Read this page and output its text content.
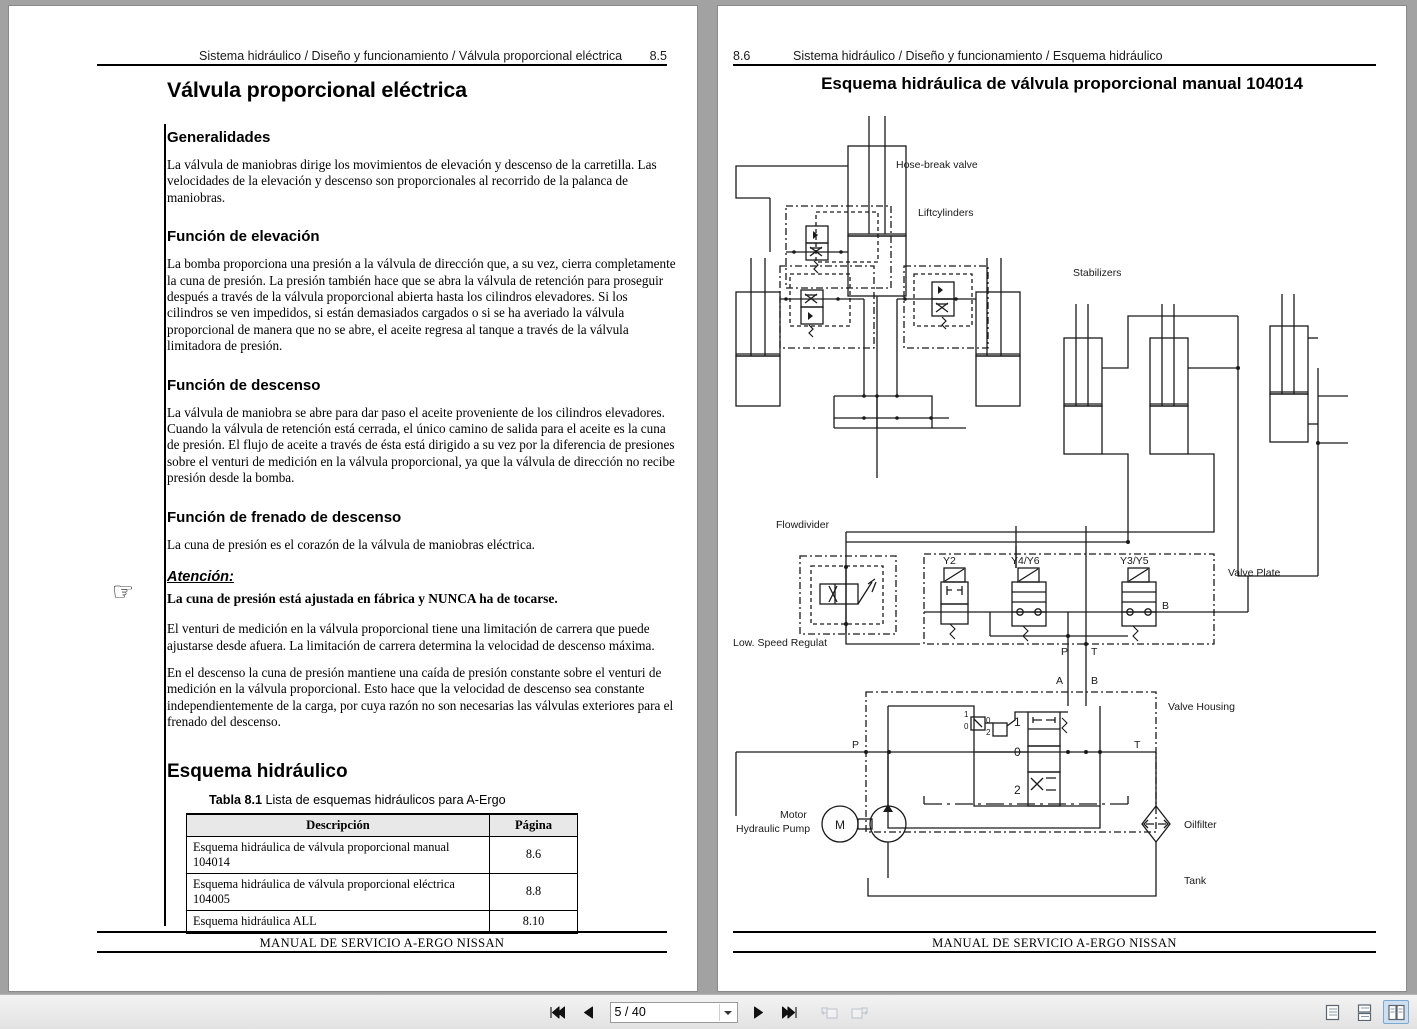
Sistema hidráulico / Diseño y funcionamiento / Válvula proporcional eléctrica 8.5
☞
Válvula proporcional eléctrica
Generalidades

La válvula de maniobras dirige los movimientos de elevación y descenso de la carretilla. Las velocidades de la elevación y descenso son proporcionales al recorrido de la palanca de maniobras.

Función de elevación

La bomba proporciona una presión a la válvula de dirección que, a su vez, cierra completamente la cuna de presión. La presión también hace que se abra la válvula de retención para proseguir después a través de la válvula proporcional abierta hasta los cilindros elevadores. Si los cilindros se ven impedidos, si están demasiados cargados o si se ha averiado la válvula proporcional de manera que no se abre, el aceite regresa al tanque a través de la válvula limitadora de presión.

Función de descenso

La válvula de maniobra se abre para dar paso el aceite proveniente de los cilindros elevadores. Cuando la válvula de retención está cerrada, el único camino de salida para el aceite es la cuna de presión. El flujo de aceite a través de ésta está dirigido a su vez por la diferencia de presiones sobre el venturi de medición en la válvula proporcional, ya que la válvula de dirección no recibe presión desde la bomba.

Función de frenado de descenso

La cuna de presión es el corazón de la válvula de maniobras eléctrica.

Atención:
La cuna de presión está ajustada en fábrica y NUNCA ha de tocarse.

El venturi de medición en la válvula proporcional tiene una limitación de carrera que puede ajustarse desde afuera. La limitación de carrera determina la velocidad de descenso máxima.

En el descenso la cuna de presión mantiene una caída de presión constante sobre el venturi de medición en la válvula proporcional. Esto hace que la velocidad de descenso sea constante independientemente de la carga, por cuya razón no son necesarias las válvulas exteriores para el frenado del descenso.

Esquema hidráulico
Tabla 8.1 Lista de esquemas hidráulicos para A-Ergo
Descripción	Página
Esquema hidráulica de válvula proporcional manual 104014	8.6
Esquema hidráulica de válvula proporcional eléctrica 104005	8.8
Esquema hidráulica ALL	8.10
MANUAL DE SERVICIO A-ERGO NISSAN
8.6	Sistema hidráulico / Diseño y funcionamiento / Esquema hidráulico
Esquema hidráulica de válvula proporcional manual 104014
Liftcylinders
Hose-break valve
Stabilizers
Flowdivider
Low. Speed Regulat
Valve Plate
Y2	Y4/Y6	Y3/Y5
B
P T
A	B
Valve Housing
1
0
2
1
0
0
2
P	T
Motor
Hydraulic Pump M	Oilfilter
Tank
MANUAL DE SERVICIO A-ERGO NISSAN
5 / 40
